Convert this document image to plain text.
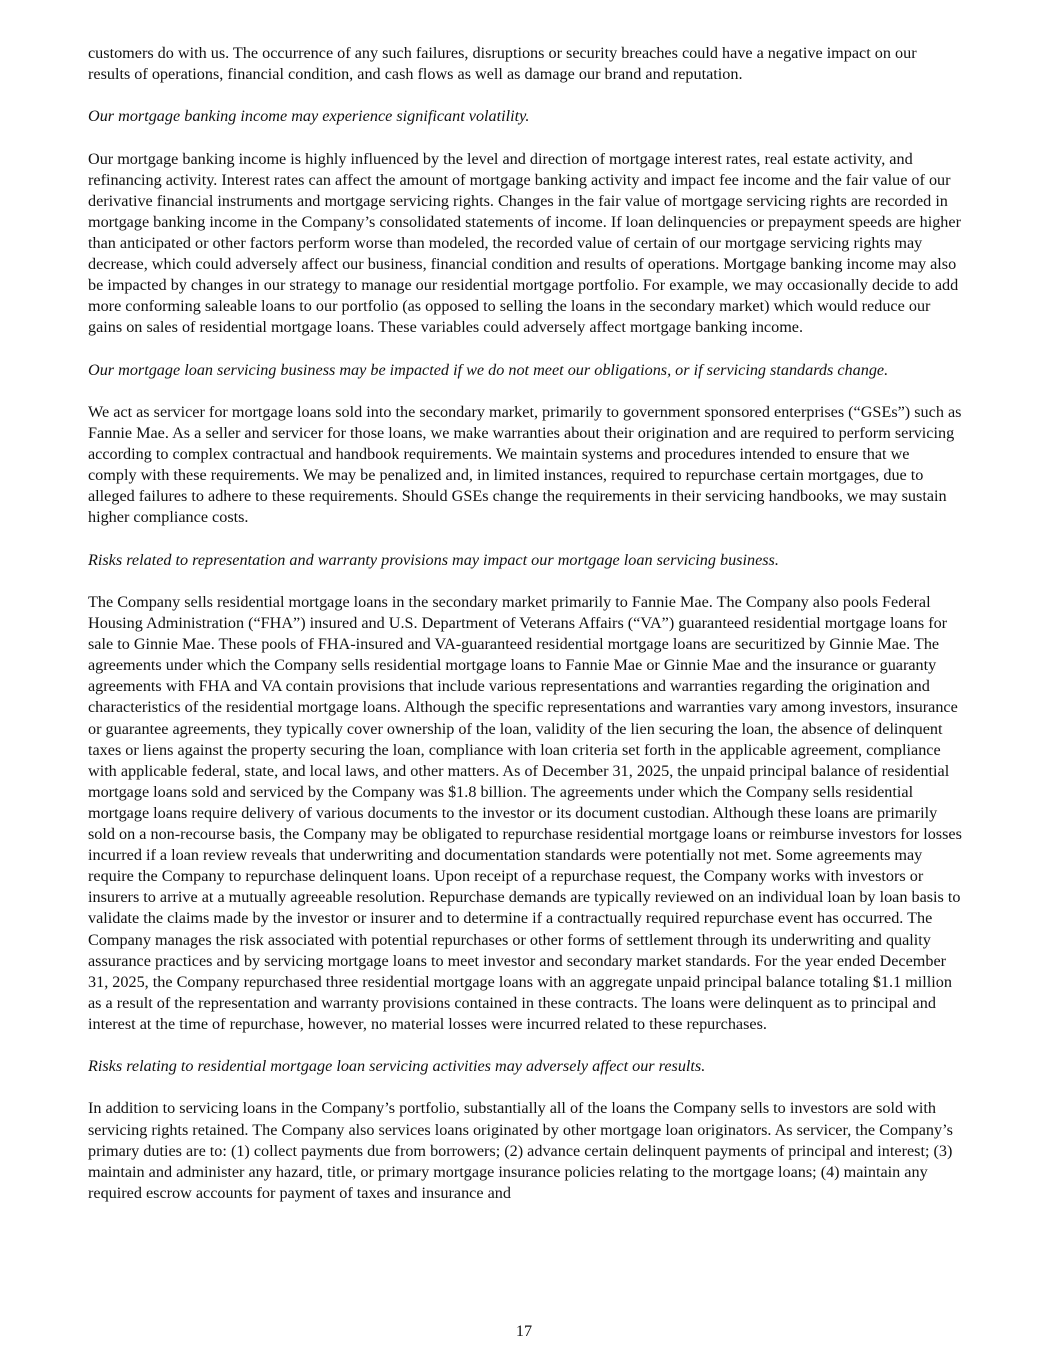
customers do with us. The occurrence of any such failures, disruptions or security breaches could have a negative impact on our results of operations, financial condition, and cash flows as well as damage our brand and reputation.

Our mortgage banking income may experience significant volatility.

Our mortgage banking income is highly influenced by the level and direction of mortgage interest rates, real estate activity, and refinancing activity. Interest rates can affect the amount of mortgage banking activity and impact fee income and the fair value of our derivative financial instruments and mortgage servicing rights. Changes in the fair value of mortgage servicing rights are recorded in mortgage banking income in the Company’s consolidated statements of income. If loan delinquencies or prepayment speeds are higher than anticipated or other factors perform worse than modeled, the recorded value of certain of our mortgage servicing rights may decrease, which could adversely affect our business, financial condition and results of operations. Mortgage banking income may also be impacted by changes in our strategy to manage our residential mortgage portfolio. For example, we may occasionally decide to add more conforming saleable loans to our portfolio (as opposed to selling the loans in the secondary market) which would reduce our gains on sales of residential mortgage loans. These variables could adversely affect mortgage banking income.

Our mortgage loan servicing business may be impacted if we do not meet our obligations, or if servicing standards change.

We act as servicer for mortgage loans sold into the secondary market, primarily to government sponsored enterprises (“GSEs”) such as Fannie Mae. As a seller and servicer for those loans, we make warranties about their origination and are required to perform servicing according to complex contractual and handbook requirements. We maintain systems and procedures intended to ensure that we comply with these requirements. We may be penalized and, in limited instances, required to repurchase certain mortgages, due to alleged failures to adhere to these requirements. Should GSEs change the requirements in their servicing handbooks, we may sustain higher compliance costs.

Risks related to representation and warranty provisions may impact our mortgage loan servicing business.

The Company sells residential mortgage loans in the secondary market primarily to Fannie Mae. The Company also pools Federal Housing Administration (“FHA”) insured and U.S. Department of Veterans Affairs (“VA”) guaranteed residential mortgage loans for sale to Ginnie Mae. These pools of FHA-insured and VA-guaranteed residential mortgage loans are securitized by Ginnie Mae. The agreements under which the Company sells residential mortgage loans to Fannie Mae or Ginnie Mae and the insurance or guaranty agreements with FHA and VA contain provisions that include various representations and warranties regarding the origination and characteristics of the residential mortgage loans. Although the specific representations and warranties vary among investors, insurance or guarantee agreements, they typically cover ownership of the loan, validity of the lien securing the loan, the absence of delinquent taxes or liens against the property securing the loan, compliance with loan criteria set forth in the applicable agreement, compliance with applicable federal, state, and local laws, and other matters. As of December 31, 2025, the unpaid principal balance of residential mortgage loans sold and serviced by the Company was $1.8 billion. The agreements under which the Company sells residential mortgage loans require delivery of various documents to the investor or its document custodian. Although these loans are primarily sold on a non-recourse basis, the Company may be obligated to repurchase residential mortgage loans or reimburse investors for losses incurred if a loan review reveals that underwriting and documentation standards were potentially not met. Some agreements may require the Company to repurchase delinquent loans. Upon receipt of a repurchase request, the Company works with investors or insurers to arrive at a mutually agreeable resolution. Repurchase demands are typically reviewed on an individual loan by loan basis to validate the claims made by the investor or insurer and to determine if a contractually required repurchase event has occurred. The Company manages the risk associated with potential repurchases or other forms of settlement through its underwriting and quality assurance practices and by servicing mortgage loans to meet investor and secondary market standards. For the year ended December 31, 2025, the Company repurchased three residential mortgage loans with an aggregate unpaid principal balance totaling $1.1 million as a result of the representation and warranty provisions contained in these contracts. The loans were delinquent as to principal and interest at the time of repurchase, however, no material losses were incurred related to these repurchases.

Risks relating to residential mortgage loan servicing activities may adversely affect our results.

In addition to servicing loans in the Company’s portfolio, substantially all of the loans the Company sells to investors are sold with servicing rights retained. The Company also services loans originated by other mortgage loan originators. As servicer, the Company’s primary duties are to: (1) collect payments due from borrowers; (2) advance certain delinquent payments of principal and interest; (3) maintain and administer any hazard, title, or primary mortgage insurance policies relating to the mortgage loans; (4) maintain any required escrow accounts for payment of taxes and insurance and

17
